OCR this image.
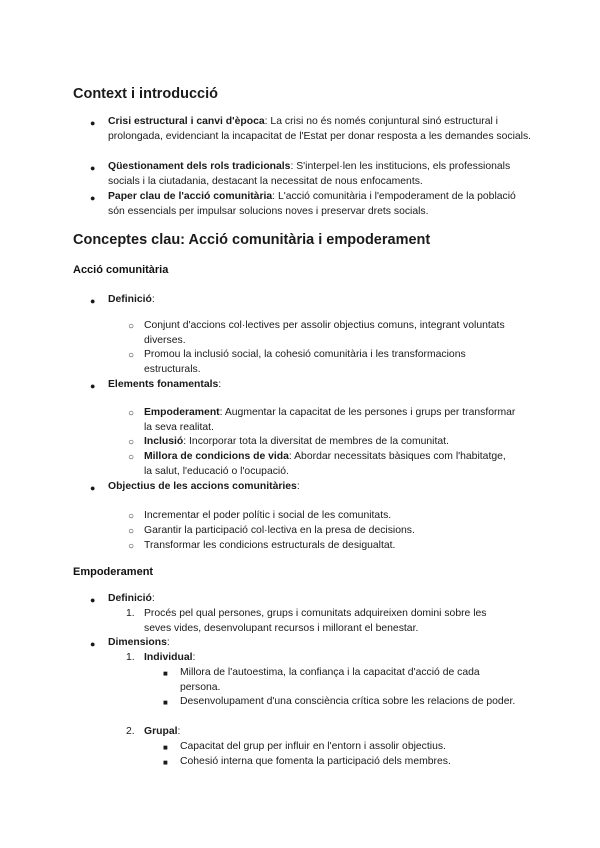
Context i introducció
● Crisi estructural i canvi d'època: La crisi no és només conjuntural sinó estructural i prolongada, evidenciant la incapacitat de l'Estat per donar resposta a les demandes socials.

● Qüestionament dels rols tradicionals: S'interpel·len les institucions, els professionals socials i la ciutadania, destacant la necessitat de nous enfocaments.

● Paper clau de l'acció comunitària: L'acció comunitària i l'empoderament de la població són essencials per impulsar solucions noves i preservar drets socials.

Conceptes clau: Acció comunitària i empoderament
Acció comunitària
● Definició:

○ Conjunt d'accions col·lectives per assolir objectius comuns, integrant voluntats diverses.

○ Promou la inclusió social, la cohesió comunitària i les transformacions estructurals.

● Elements fonamentals:

○ Empoderament: Augmentar la capacitat de les persones i grups per transformar la seva realitat.

○ Inclusió: Incorporar tota la diversitat de membres de la comunitat.

○ Millora de condicions de vida: Abordar necessitats bàsiques com l'habitatge, la salut, l'educació o l'ocupació.

● Objectius de les accions comunitàries:

○ Incrementar el poder polític i social de les comunitats.

○ Garantir la participació col·lectiva en la presa de decisions.

○ Transformar les condicions estructurals de desigualtat.

Empoderament
● Definició:

1. Procés pel qual persones, grups i comunitats adquireixen domini sobre les seves vides, desenvolupant recursos i millorant el benestar.

● Dimensions:

1. Individual:

■ Millora de l'autoestima, la confiança i la capacitat d'acció de cada persona.

■ Desenvolupament d'una consciència crítica sobre les relacions de poder.

2. Grupal:

■ Capacitat del grup per influir en l'entorn i assolir objectius.

■ Cohesió interna que fomenta la participació dels membres.
